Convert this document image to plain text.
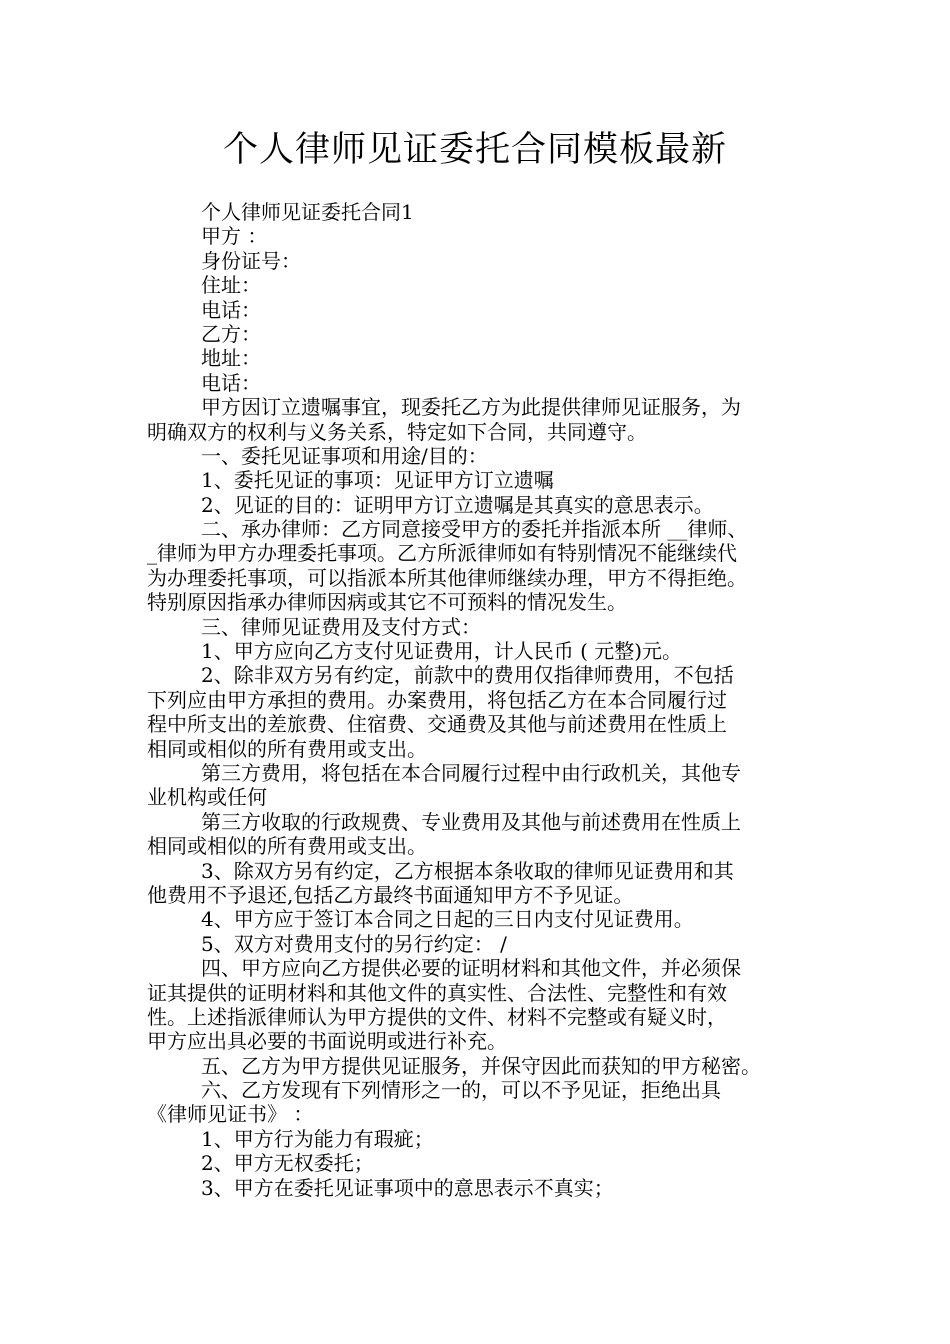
个人律师见证委托合同模板最新
个人律师见证委托合同1
甲方 ：
身份证号：
住址：
电话：
乙方：
地址：
电话：
甲方因订立遗嘱事宜，现委托乙方为此提供律师见证服务，为
明确双方的权利与义务关系，特定如下合同，共同遵守。
一、委托见证事项和用途/目的：
1、委托见证的事项：见证甲方订立遗嘱
2、见证的目的：证明甲方订立遗嘱是其真实的意思表示。
二、承办律师：乙方同意接受甲方的委托并指派本所 __律师、
_律师为甲方办理委托事项。乙方所派律师如有特别情况不能继续代
为办理委托事项，可以指派本所其他律师继续办理，甲方不得拒绝。
特别原因指承办律师因病或其它不可预料的情况发生。
三、律师见证费用及支付方式：
1、甲方应向乙方支付见证费用，计人民币 ( 元整)元。
2、除非双方另有约定，前款中的费用仅指律师费用，不包括
下列应由甲方承担的费用。办案费用，将包括乙方在本合同履行过
程中所支出的差旅费、住宿费、交通费及其他与前述费用在性质上
相同或相似的所有费用或支出。
第三方费用，将包括在本合同履行过程中由行政机关，其他专
业机构或任何
第三方收取的行政规费、专业费用及其他与前述费用在性质上
相同或相似的所有费用或支出。
3、除双方另有约定，乙方根据本条收取的律师见证费用和其
他费用不予退还,包括乙方最终书面通知甲方不予见证。
4、甲方应于签订本合同之日起的三日内支付见证费用。
5、双方对费用支付的另行约定： /
四、甲方应向乙方提供必要的证明材料和其他文件，并必须保
证其提供的证明材料和其他文件的真实性、合法性、完整性和有效
性。上述指派律师认为甲方提供的文件、材料不完整或有疑义时，
甲方应出具必要的书面说明或进行补充。
五、乙方为甲方提供见证服务，并保守因此而获知的甲方秘密。
六、乙方发现有下列情形之一的，可以不予见证，拒绝出具
《律师见证书》 ：
1、甲方行为能力有瑕疵；
2、甲方无权委托；
3、甲方在委托见证事项中的意思表示不真实；
